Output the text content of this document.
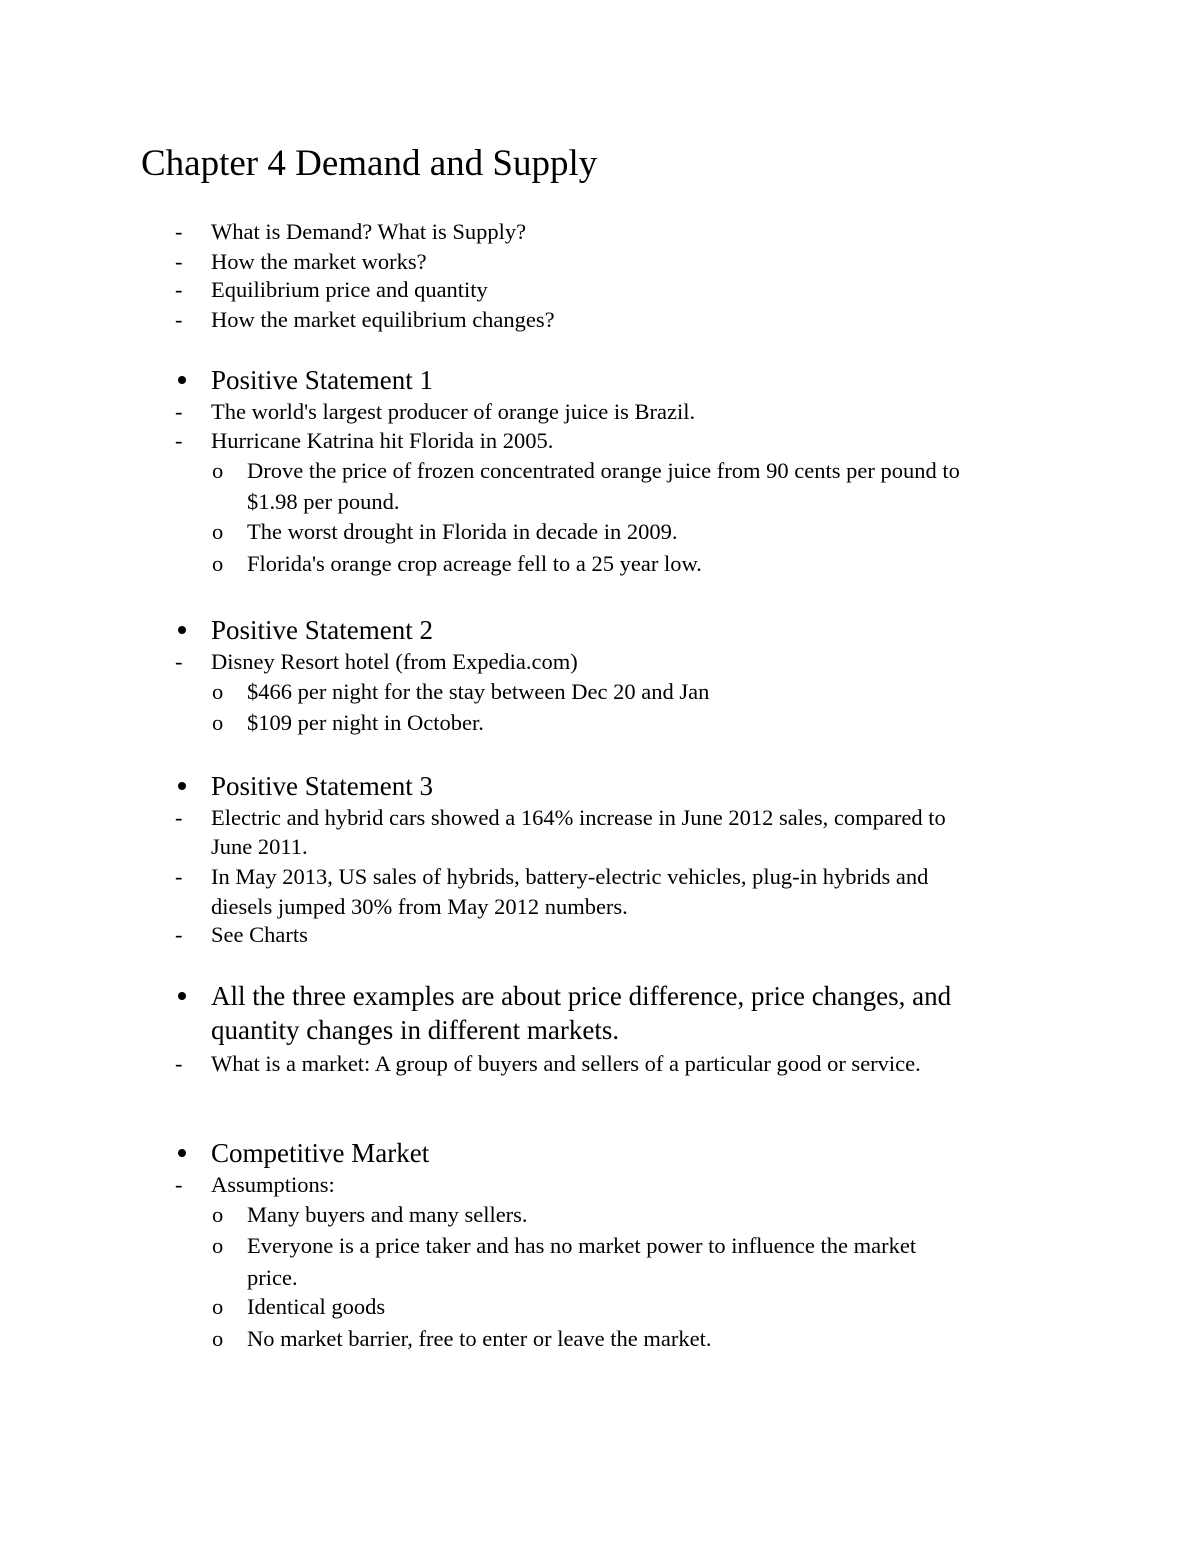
Chapter 4 Demand and Supply
-	What is Demand? What is Supply?
-	How the market works?
-	Equilibrium price and quantity
-	How the market equilibrium changes?
Positive Statement 1
-	The world's largest producer of orange juice is Brazil.
-	Hurricane Katrina hit Florida in 2005.
o	Drove the price of frozen concentrated orange juice from 90 cents per pound to
$1.98 per pound.
o	The worst drought in Florida in decade in 2009.
o	Florida's orange crop acreage fell to a 25 year low.
Positive Statement 2
-	Disney Resort hotel (from Expedia.com)
o	$466 per night for the stay between Dec 20 and Jan
o	$109 per night in October.
Positive Statement 3
-	Electric and hybrid cars showed a 164% increase in June 2012 sales, compared to
June 2011.
-	In May 2013, US sales of hybrids, battery-electric vehicles, plug-in hybrids and
diesels jumped 30% from May 2012 numbers.
-	See Charts
All the three examples are about price difference, price changes, and
quantity changes in different markets.
-	What is a market: A group of buyers and sellers of a particular good or service.
Competitive Market
-	Assumptions:
o	Many buyers and many sellers.
o	Everyone is a price taker and has no market power to influence the market
price.
o	Identical goods
o	No market barrier, free to enter or leave the market.
